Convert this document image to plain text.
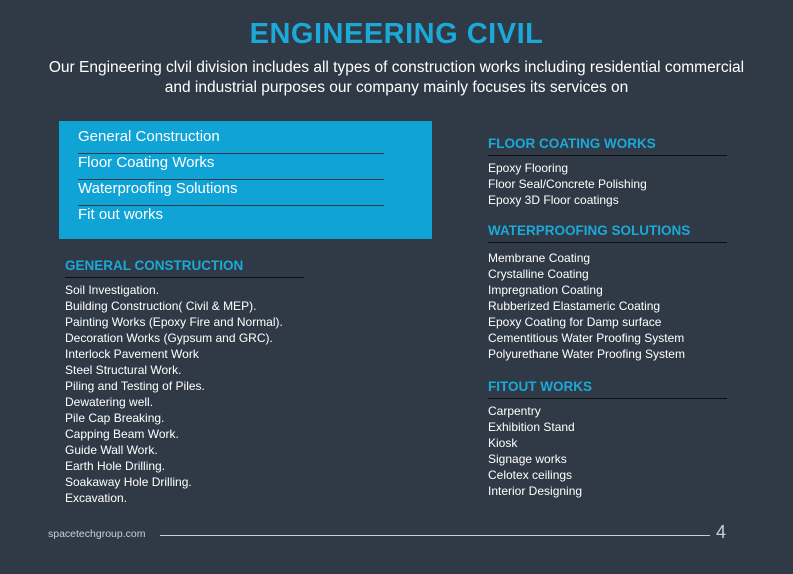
ENGINEERING CIVIL
Our Engineering clvil division includes all types of construction works including residential commercial and industrial purposes our company mainly focuses its services on
General Construction
Floor Coating Works
Waterproofing Solutions
Fit out works
GENERAL CONSTRUCTION
Soil Investigation.
Building Construction( Civil & MEP).
Painting Works (Epoxy Fire and Normal).
Decoration Works (Gypsum and GRC).
Interlock Pavement Work
Steel Structural Work.
Piling and Testing of Piles.
Dewatering well.
Pile Cap Breaking.
Capping Beam Work.
Guide Wall Work.
Earth Hole Drilling.
Soakaway Hole Drilling.
Excavation.
FLOOR COATING WORKS
Epoxy Flooring
Floor Seal/Concrete Polishing
Epoxy 3D Floor coatings
WATERPROOFING SOLUTIONS
Membrane Coating
Crystalline Coating
Impregnation Coating
Rubberized Elastameric Coating
Epoxy Coating for Damp surface
Cementitious Water Proofing System
Polyurethane Water Proofing System
FITOUT WORKS
Carpentry
Exhibition Stand
Kiosk
Signage works
Celotex ceilings
Interior Designing
spacetechgroup.com	4
